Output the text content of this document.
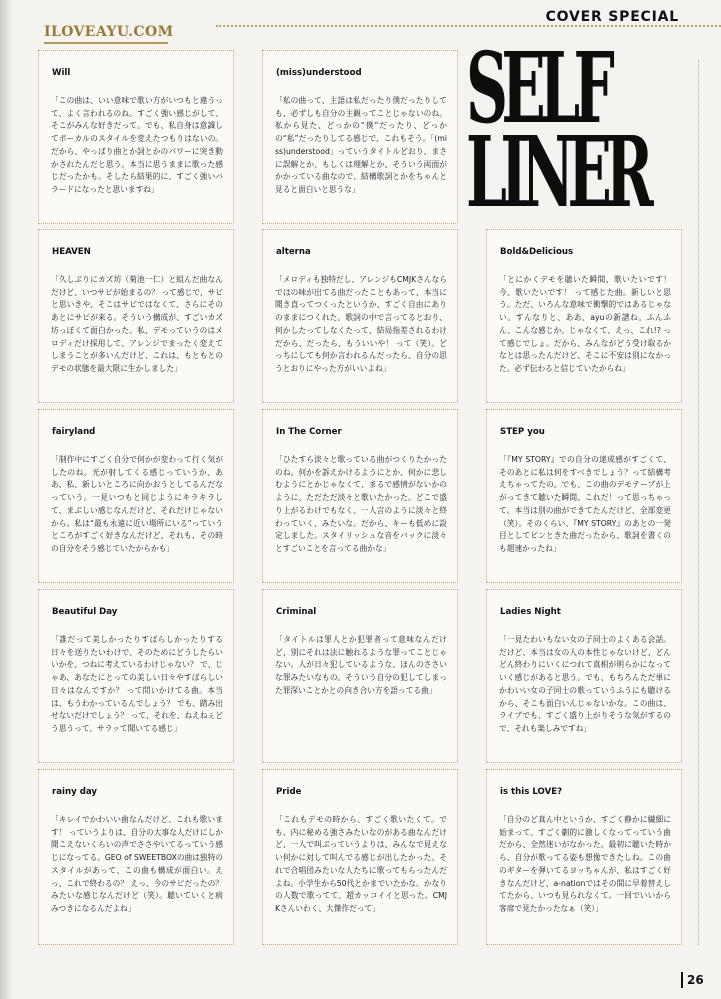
ILOVEAYU.COM
COVER SPECIAL
SELF
LINER
Will
「この曲は、いい意味で歌い方がいつもと違うって、よく言われるのね。すごく強い感じがして、そこがみんな好きだって。でも、私自身は意識してボーカルのスタイルを変えたつもりはないの。だから、やっぱり曲とか詞とかのパワーに突き動かされたんだと思う。本当に思うままに歌った感じだったかも。そしたら結果的に、すごく強いバラードになったと思いますね」
(miss)understood
「私の曲って、主語は私だったり僕だったりしても、必ずしも自分の主観ってことじゃないのね。私から見た、どっかの“僕”だったり、どっかの“私”だったりしてる感じで、これもそう。「(miss)understood」っていうタイトルどおり、まさに誤解とか、もしくは理解とか、そういう両面がかかっている曲なので、結構歌詞とかをちゃんと見ると面白いと思うな」
HEAVEN
「久しぶりにカズ坊（菊池一仁）と組んだ曲なんだけど、いつサビが始まるの？ って感じで、サビと思いきや、そこはサビではなくて、さらにそのあとにサビが来る。そういう構成が、すごいカズ坊っぽくて面白かった。私、デモっていうのはメロディだけ採用して、アレンジでまったく変えてしまうことが多いんだけど、これは、もともとのデモの状態を最大限に生かしました」
alterna
「メロディも独特だし、アレンジもCMJKさんならではの味が出てる曲だったこともあって、本当に聞き直ってつくったというか、すごく自由にありのままにつくれた。歌詞の中で言ってるとおり、何かしたってしなくたって、結局指差されるわけだから、だったら、もういいや！ って（笑）。どっちにしても何か言われるんだったら、自分の思うとおりにやった方がいいよね」
Bold&Delicious
「とにかくデモを聴いた瞬間、歌いたいです！ 今、歌いたいです！ って感じた曲。新しいと思う。ただ、いろんな意味で衝撃的ではあるじゃない。すんなりと、ああ、ayuの新譜ね。ふんふん、こんな感じか。じゃなくて、えっ、これ!? って感じでしょ。だから、みんながどう受け取るかなとは思ったんだけど、そこに不安は別になかった。必ず伝わると信じていたからね」
fairyland
「制作中にすごく自分で何かが変わって行く気がしたのね。光が射してくる感じっていうか、ああ、私、新しいところに向かおうとしてるんだなっていう。一見いつもと同じようにキラキラして、まぶしい感じなんだけど、それだけじゃないから。私は“最も永遠に近い場所にいる”っていうところがすごく好きなんだけど、それも、その時の自分をそう感じていたからかも」
In The Corner
「ひたすら淡々と歌っている曲がつくりたかったのね。何かを訴えかけるようにとか、何かに悲しむようにとかじゃなくて、まるで感情がないかのように、ただただ淡々と歌いたかった。どこで盛り上がるわけでもなく、一人言のように淡々と終わっていく、みたいな。だから、キーも低めに設定しました。スタイリッシュな音をバックに淡々とすごいことを言ってる曲かな」
STEP you
「『MY STORY』での自分の達成感がすごくて、そのあとに私は何をすべきでしょう？って結構考えちゃってたの。でも、この曲のデモテープが上がってきて聴いた瞬間、これだ！って思っちゃって。本当は別の曲ができてたんだけど、全部変更（笑）。そのくらい、『MY STORY』のあとの一発目としてピンときた曲だったから、歌詞を書くのも超速かったね」
Beautiful Day
「誰だって美しかったりすばらしかったりする日々を送りたいわけで、そのためにどうしたらいいかを、つねに考えているわけじゃない？ で、じゃあ、あなたにとっての美しい日々やすばらしい日々はなんですか？ って問いかけてる曲。本当は、もうわかっているんでしょう？ でも、踏み出せないだけでしょう？ って、それを、ねえねぇどう思うって、サラッて聞いてる感じ」
Criminal
「タイトルは罪人とか犯罪者って意味なんだけど、別にそれは法に触れるような罪ってことじゃない。人が日々犯しているような、ほんのささいな罪みたいなもの。そういう自分の犯してしまった罪深いことかとの向き合い方を語ってる曲」
Ladies Night
「一見たわいもない女の子同士のよくある会話。だけど、本当は女の人の本性じゃないけど、どんどん終わりにいくにつれて真相が明らかになっていく感じがあると思う。でも、もちろんただ単にかわいい女の子同士の歌っていうふうにも聴けるから、そこも面白いんじゃないかな。この曲は、ライブでも、すごく盛り上がりそうな気がするので、それも楽しみですね」
rainy day
「キレイでかわいい曲なんだけど、これも歌います！ っていうよりは、自分の大事な人だけにしか聞こえないくらいの声でささやいてるっていう感じになってる。GEO of SWEETBOXの曲は独特のスタイルがあって、この曲も構成が面白い。えっ、これで終わるの？ えっ、今のサビだったの？ みたいな感じなんだけど（笑）。聴いていくと病みつきになるんだよね」
Pride
「これもデモの時から、すごく歌いたくて。でも、内に秘める強さみたいなのがある曲なんだけど、一人で叫ぶっていうよりは、みんなで見えない何かに対して叫んでる感じが出したかった。それで合唱団みたいな人たちに歌ってもらったんだよね。小学生から50代とかまでいたかな。かなりの人数で歌ってて、超カッコイイと思った。CMJKさんいわく、大傑作だって」
is this LOVE?
「自分のど真ん中というか、すごく静かに繊細に始まって、すごく劇的に激しくなってっていう曲だから、全然迷いがなかった。最初に聴いた時から、自分が歌ってる姿も想像できたしね。この曲のギターを弾いてるヨッちゃんが、私はすごく好きなんだけど、a-nationではその間に早着替えしてたから、いつも見られなくて。一回でいいから客席で見たかったなぁ（笑）」
26
